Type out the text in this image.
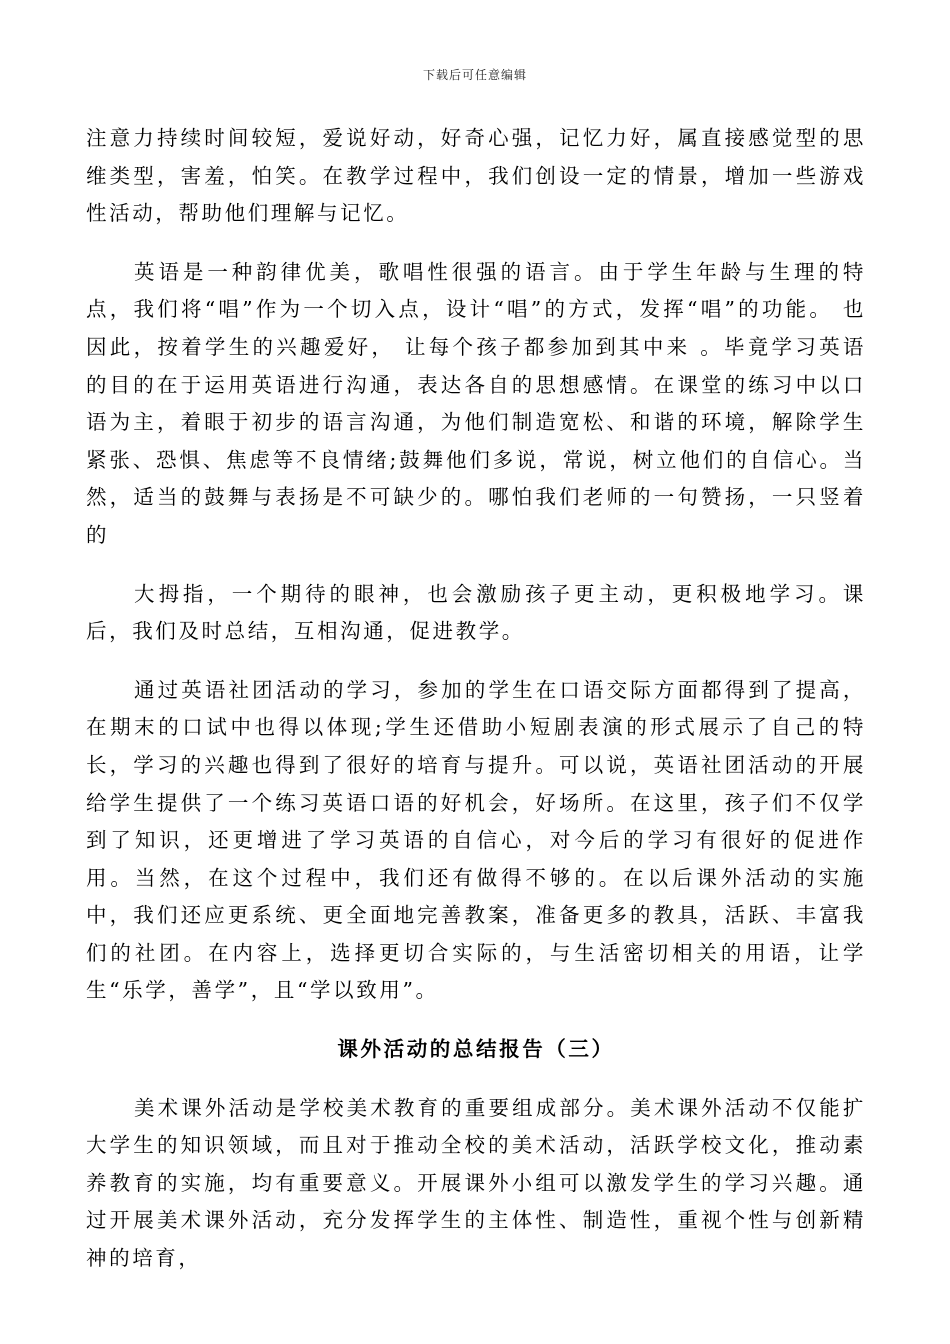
下载后可任意编辑

注意力持续时间较短，爱说好动，好奇心强，记忆力好，属直接感觉型的思维类型，害羞，怕笑。在教学过程中，我们创设一定的情景，增加一些游戏性活动，帮助他们理解与记忆。

英语是一种韵律优美，歌唱性很强的语言。由于学生年龄与生理的特点，我们将“唱”作为一个切入点，设计“唱”的方式，发挥“唱”的功能。 也因此，按着学生的兴趣爱好， 让每个孩子都参加到其中来 。毕竟学习英语的目的在于运用英语进行沟通，表达各自的思想感情。在课堂的练习中以口语为主，着眼于初步的语言沟通，为他们制造宽松、和谐的环境，解除学生紧张、恐惧、焦虑等不良情绪;鼓舞他们多说，常说，树立他们的自信心。当然，适当的鼓舞与表扬是不可缺少的。哪怕我们老师的一句赞扬，一只竖着的

大拇指，一个期待的眼神，也会激励孩子更主动，更积极地学习。课后，我们及时总结，互相沟通，促进教学。

通过英语社团活动的学习，参加的学生在口语交际方面都得到了提高，在期末的口试中也得以体现;学生还借助小短剧表演的形式展示了自己的特长，学习的兴趣也得到了很好的培育与提升。可以说，英语社团活动的开展给学生提供了一个练习英语口语的好机会，好场所。在这里，孩子们不仅学到了知识，还更增进了学习英语的自信心，对今后的学习有很好的促进作用。当然，在这个过程中，我们还有做得不够的。在以后课外活动的实施中，我们还应更系统、更全面地完善教案，准备更多的教具，活跃、丰富我们的社团。在内容上，选择更切合实际的，与生活密切相关的用语，让学生“乐学，善学”，且“学以致用”。

课外活动的总结报告（三）

美术课外活动是学校美术教育的重要组成部分。美术课外活动不仅能扩大学生的知识领域，而且对于推动全校的美术活动，活跃学校文化，推动素养教育的实施，均有重要意义。开展课外小组可以激发学生的学习兴趣。通过开展美术课外活动，充分发挥学生的主体性、制造性，重视个性与创新精神的培育，
